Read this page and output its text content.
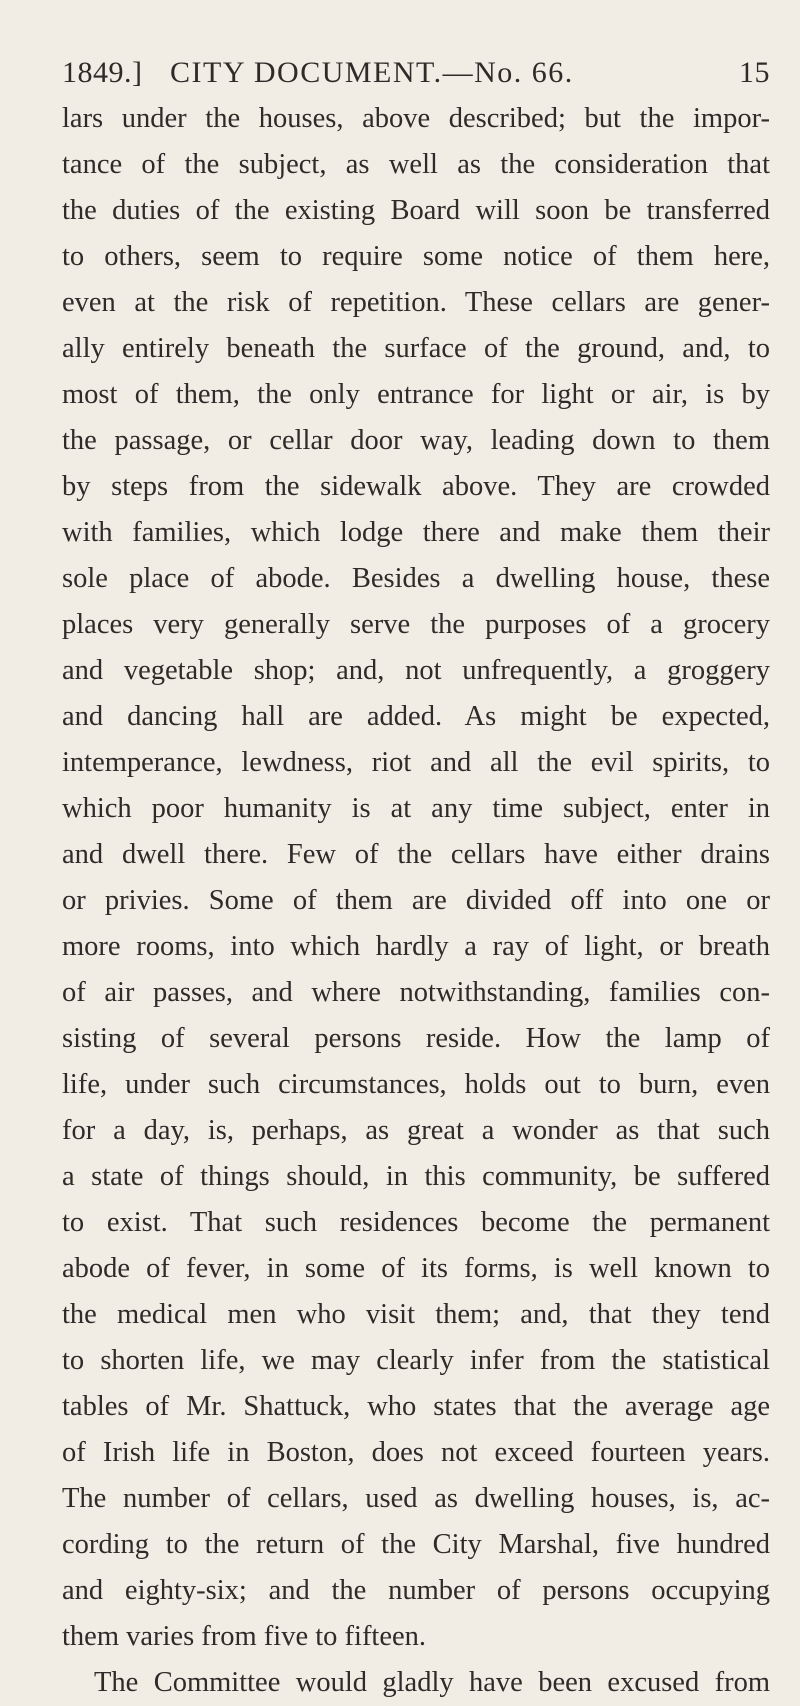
1849.] CITY DOCUMENT.—No. 66.	15
lars under the houses, above described; but the impor-
tance of the subject, as well as the consideration that
the duties of the existing Board will soon be transferred
to others, seem to require some notice of them here,
even at the risk of repetition. These cellars are gener-
ally entirely beneath the surface of the ground, and, to
most of them, the only entrance for light or air, is by
the passage, or cellar door way, leading down to them
by steps from the sidewalk above. They are crowded
with families, which lodge there and make them their
sole place of abode. Besides a dwelling house, these
places very generally serve the purposes of a grocery
and vegetable shop; and, not unfrequently, a groggery
and dancing hall are added. As might be expected,
intemperance, lewdness, riot and all the evil spirits, to
which poor humanity is at any time subject, enter in
and dwell there. Few of the cellars have either drains
or privies. Some of them are divided off into one or
more rooms, into which hardly a ray of light, or breath
of air passes, and where notwithstanding, families con-
sisting of several persons reside. How the lamp of
life, under such circumstances, holds out to burn, even
for a day, is, perhaps, as great a wonder as that such
a state of things should, in this community, be suffered
to exist. That such residences become the permanent
abode of fever, in some of its forms, is well known to
the medical men who visit them; and, that they tend
to shorten life, we may clearly infer from the statistical
tables of Mr. Shattuck, who states that the average age
of Irish life in Boston, does not exceed fourteen years.
The number of cellars, used as dwelling houses, is, ac-
cording to the return of the City Marshal, five hundred
and eighty-six; and the number of persons occupying
them varies from five to fifteen.
The Committee would gladly have been excused from
